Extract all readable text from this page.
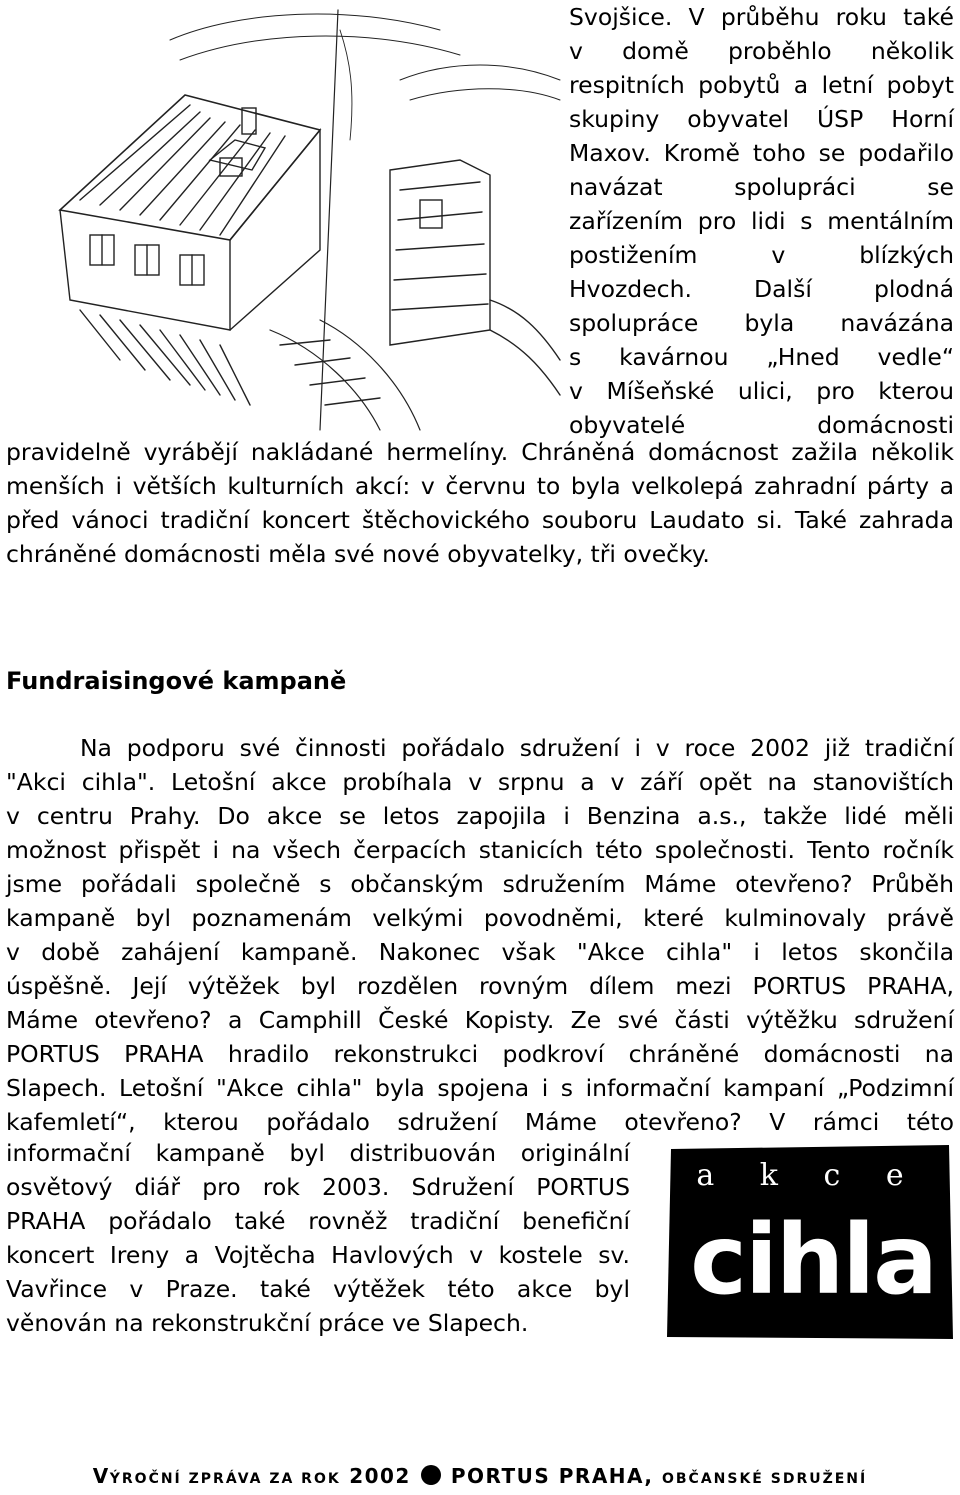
Svojšice. V průběhu roku také
v domě proběhlo několik
respitních pobytů a letní pobyt
skupiny obyvatel ÚSP Horní
Maxov. Kromě toho se podařilo
navázat spolupráci se
zařízením pro lidi s mentálním
postižením v blízkých
Hvozdech. Další plodná
spolupráce byla navázána
s kavárnou „Hned vedle“
v Míšeňské ulici, pro kterou
obyvatelé domácnosti
pravidelně vyrábějí nakládané hermelíny. Chráněná domácnost zažila několik
menších i větších kulturních akcí: v červnu to byla velkolepá zahradní párty a
před vánoci tradiční koncert štěchovického souboru Laudato si. Také zahrada
chráněné domácnosti měla své nové obyvatelky, tři ovečky.
Fundraisingové kampaně
Na podporu své činnosti pořádalo sdružení i v roce 2002 již tradiční
"Akci cihla". Letošní akce probíhala v srpnu a v září opět na stanovištích
v centru Prahy. Do akce se letos zapojila i Benzina a.s., takže lidé měli
možnost přispět i na všech čerpacích stanicích této společnosti. Tento ročník
jsme pořádali společně s občanským sdružením Máme otevřeno? Průběh
kampaně byl poznamenám velkými povodněmi, které kulminovaly právě
v době zahájení kampaně. Nakonec však "Akce cihla" i letos skončila
úspěšně. Její výtěžek byl rozdělen rovným dílem mezi PORTUS PRAHA,
Máme otevřeno? a Camphill České Kopisty. Ze své části výtěžku sdružení
PORTUS PRAHA hradilo rekonstrukci podkroví chráněné domácnosti na
Slapech. Letošní "Akce cihla" byla spojena i s informační kampaní „Podzimní
kafemletí“, kterou pořádalo sdružení Máme otevřeno? V rámci této
informační kampaně byl distribuován originální
osvětový diář pro rok 2003. Sdružení PORTUS
PRAHA pořádalo také rovněž tradiční benefiční
koncert Ireny a Vojtěcha Havlových v kostele sv.
Vavřince v Praze. také výtěžek této akce byl
věnován na rekonstrukční práce ve Slapech.
a k c e
cihla
VÝROČNÍ ZPRÁVA ZA ROK 2002 PORTUS PRAHA, OBČANSKÉ SDRUŽENÍ
